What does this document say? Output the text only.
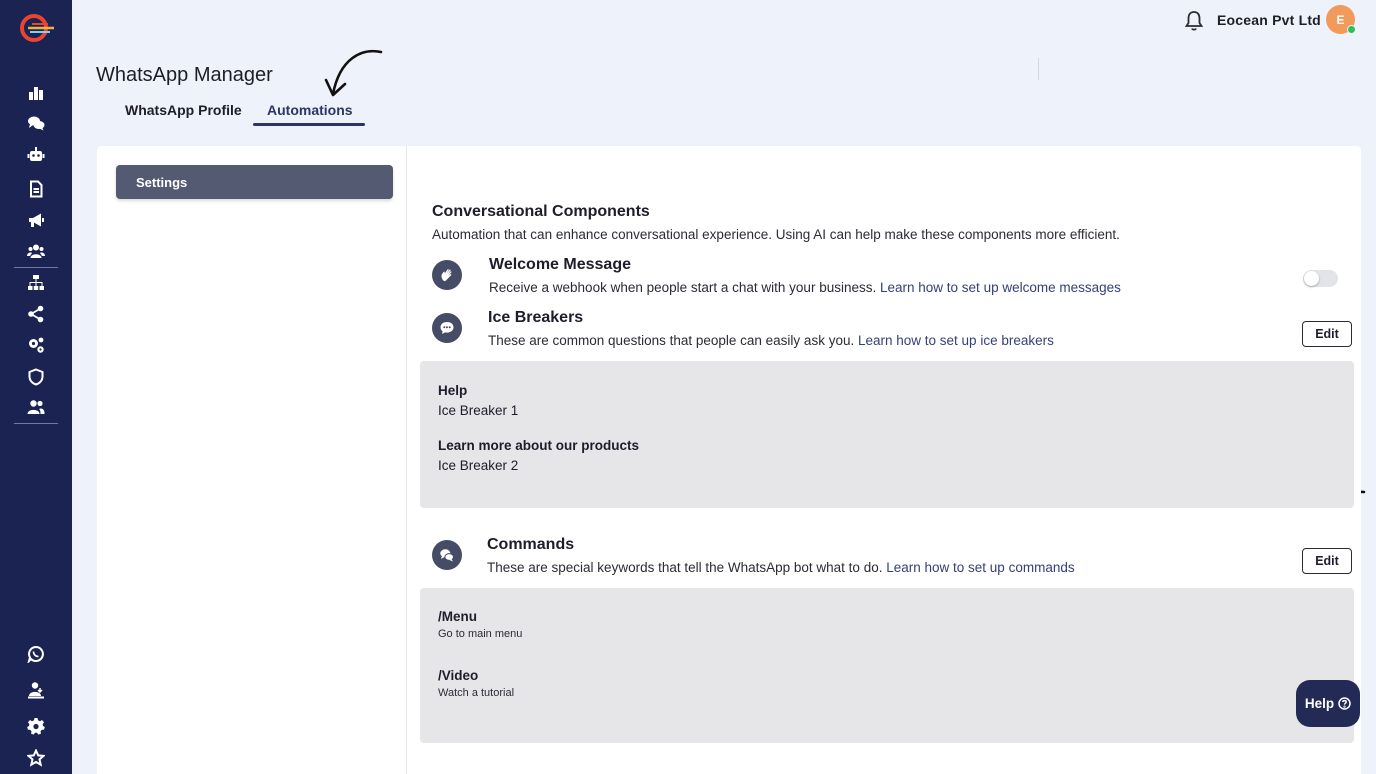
Eocean Pvt Ltd E
WhatsApp Manager
WhatsApp Profile Automations
Settings
Conversational Components
Automation that can enhance conversational experience. Using AI can help make these components more efficient.
Welcome Message
Receive a webhook when people start a chat with your business. Learn how to set up welcome messages
Ice Breakers
These are common questions that people can easily ask you. Learn how to set up ice breakers	Edit
Help
Ice Breaker 1
Learn more about our products
Ice Breaker 2
Commands
These are special keywords that tell the WhatsApp bot what to do. Learn how to set up commands	Edit
/Menu
Go to main menu
/Video
Watch a tutorial
Help
